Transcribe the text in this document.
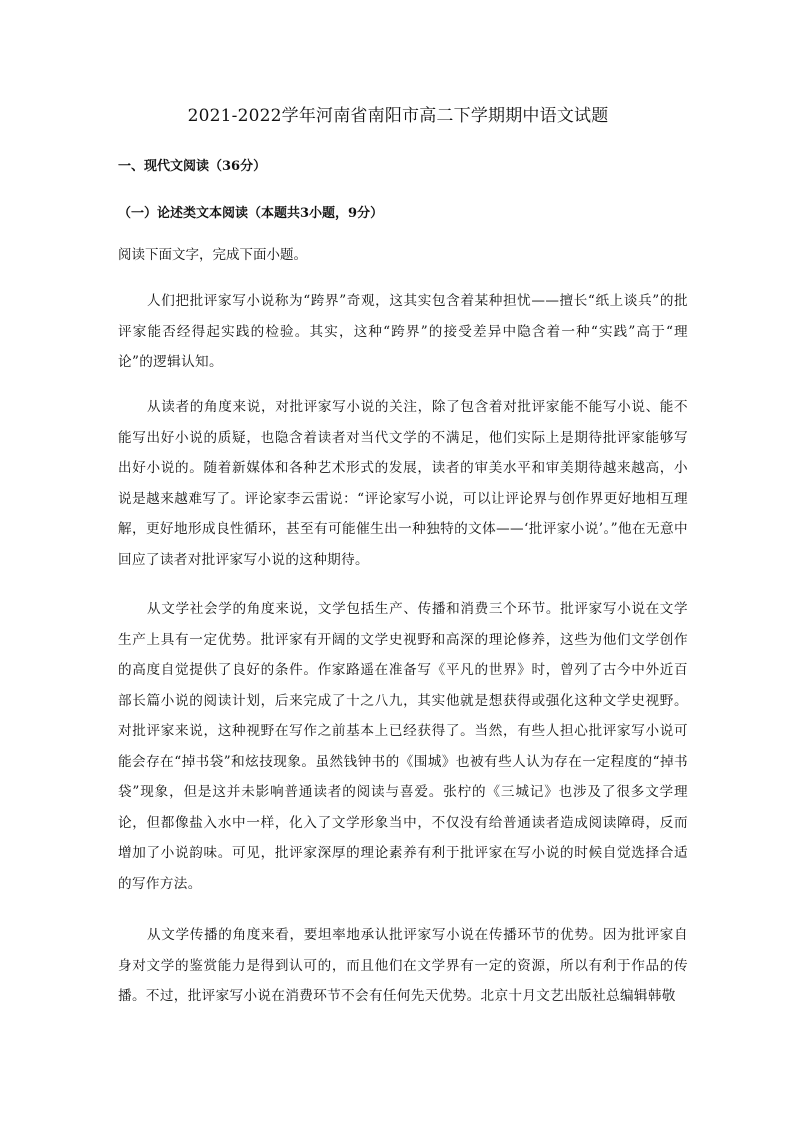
2021-2022学年河南省南阳市高二下学期期中语文试题
一、现代文阅读（36分）
（一）论述类文本阅读（本题共3小题，9分）

阅读下面文字，完成下面小题。

人们把批评家写小说称为“跨界”奇观，这其实包含着某种担忧——擅长“纸上谈兵”的批评家能否经得起实践的检验。其实，这种“跨界”的接受差异中隐含着一种“实践”高于“理论”的逻辑认知。

从读者的角度来说，对批评家写小说的关注，除了包含着对批评家能不能写小说、能不能写出好小说的质疑，也隐含着读者对当代文学的不满足，他们实际上是期待批评家能够写出好小说的。随着新媒体和各种艺术形式的发展，读者的审美水平和审美期待越来越高，小说是越来越难写了。评论家李云雷说：“评论家写小说，可以让评论界与创作界更好地相互理解，更好地形成良性循环，甚至有可能催生出一种独特的文体——‘批评家小说’。”他在无意中回应了读者对批评家写小说的这种期待。

从文学社会学的角度来说，文学包括生产、传播和消费三个环节。批评家写小说在文学生产上具有一定优势。批评家有开阔的文学史视野和高深的理论修养，这些为他们文学创作的高度自觉提供了良好的条件。作家路遥在准备写《平凡的世界》时，曾列了古今中外近百部长篇小说的阅读计划，后来完成了十之八九，其实他就是想获得或强化这种文学史视野。对批评家来说，这种视野在写作之前基本上已经获得了。当然，有些人担心批评家写小说可能会存在“掉书袋”和炫技现象。虽然钱钟书的《围城》也被有些人认为存在一定程度的“掉书袋”现象，但是这并未影响普通读者的阅读与喜爱。张柠的《三城记》也涉及了很多文学理论，但都像盐入水中一样，化入了文学形象当中，不仅没有给普通读者造成阅读障碍，反而增加了小说韵味。可见，批评家深厚的理论素养有利于批评家在写小说的时候自觉选择合适的写作方法。

从文学传播的角度来看，要坦率地承认批评家写小说在传播环节的优势。因为批评家自身对文学的鉴赏能力是得到认可的，而且他们在文学界有一定的资源，所以有利于作品的传播。不过，批评家写小说在消费环节不会有任何先天优势。北京十月文艺出版社总编辑韩敬
